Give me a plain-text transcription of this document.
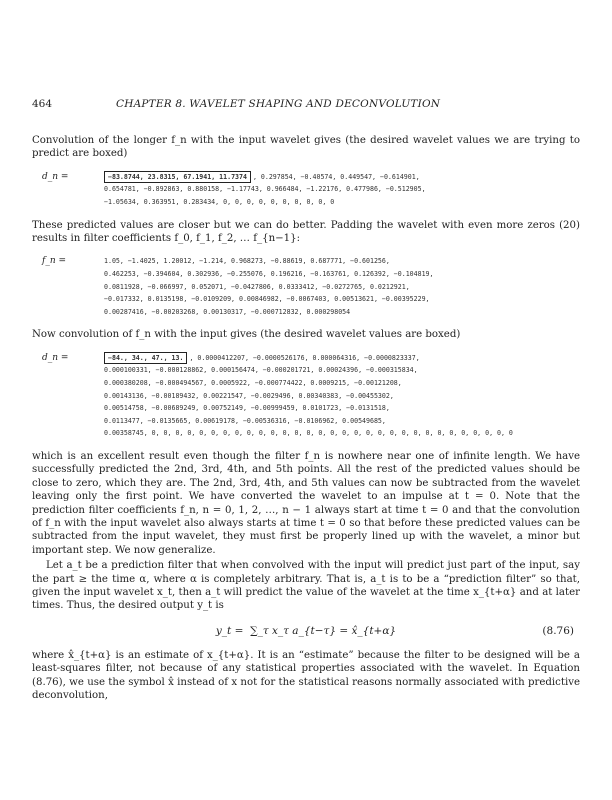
464	CHAPTER 8. WAVELET SHAPING AND DECONVOLUTION

Convolution of the longer f_n with the input wavelet gives (the desired wavelet values we are trying to predict are boxed)

d_n =	−83.8744, 23.8315, 67.1941, 11.7374 , 0.297854, −0.40574, 0.449547, −0.614901,
0.654781, −0.892863, 0.880158, −1.17743, 0.966484, −1.22176, 0.477986, −0.512905,
−1.05634, 0.363951, 0.283434, 0, 0, 0, 0, 0, 0, 0, 0, 0, 0

These predicted values are closer but we can do better. Padding the wavelet with even more zeros (20) results in filter coefficients f_0, f_1, f_2, … f_{n−1}:

f_n =	1.05, −1.4025, 1.20012, −1.214, 0.968273, −0.88619, 0.687771, −0.601256,
0.462253, −0.394604, 0.302936, −0.255076, 0.196216, −0.163761, 0.126392, −0.104819,
0.0811928, −0.066997, 0.052071, −0.0427806, 0.0333412, −0.0272765, 0.0212921,
−0.017332, 0.0135198, −0.0109209, 0.00846982, −0.0067403, 0.00513621, −0.00395229,
0.00287416, −0.00203268, 0.00130317, −0.000712832, 0.000298054

Now convolution of f_n with the input gives (the desired wavelet values are boxed)

d_n =	−84., 34., 47., 13. , 0.0000412207, −0.0000526176, 0.000064316, −0.0000823337,
0.000100331, −0.000128862, 0.000156474, −0.000201721, 0.00024396, −0.000315834,
0.000380208, −0.000494567, 0.0005922, −0.000774422, 0.0009215, −0.00121208,
0.00143136, −0.00189432, 0.00221547, −0.0029496, 0.00340383, −0.00455302,
0.00514758, −0.00689249, 0.00752149, −0.00999459, 0.0101723, −0.0131518,
0.0113477, −0.0135665, 0.00619178, −0.00536316, −0.0106962, 0.00549685,
0.00358745, 0, 0, 0, 0, 0, 0, 0, 0, 0, 0, 0, 0, 0, 0, 0, 0, 0, 0, 0, 0, 0, 0, 0, 0, 0, 0, 0, 0, 0, 0, 0

which is an excellent result even though the filter f_n is nowhere near one of infinite length. We have successfully predicted the 2nd, 3rd, 4th, and 5th points. All the rest of the predicted values should be close to zero, which they are. The 2nd, 3rd, 4th, and 5th values can now be subtracted from the wavelet leaving only the first point. We have converted the wavelet to an impulse at t = 0. Note that the prediction filter coefficients f_n, n = 0, 1, 2, …, n − 1 always start at time t = 0 and that the convolution of f_n with the input wavelet also always starts at time t = 0 so that before these predicted values can be subtracted from the input wavelet, they must first be properly lined up with the wavelet, a minor but important step. We now generalize.

Let a_t be a prediction filter that when convolved with the input will predict just part of the input, say the part ≥ the time α, where α is completely arbitrary. That is, a_t is to be a “prediction filter” so that, given the input wavelet x_t, then a_t will predict the value of the wavelet at the time x_{t+α} and at later times. Thus, the desired output y_t is

y_t =
∑_τ x_τ a_{t−τ} = x̂_{t+α}	(8.76)

where x̂_{t+α} is an estimate of x_{t+α}. It is an “estimate” because the filter to be designed will be a least-squares filter, not because of any statistical properties associated with the wavelet. In Equation (8.76), we use the symbol x̂ instead of x not for the statistical reasons normally associated with predictive deconvolution,
